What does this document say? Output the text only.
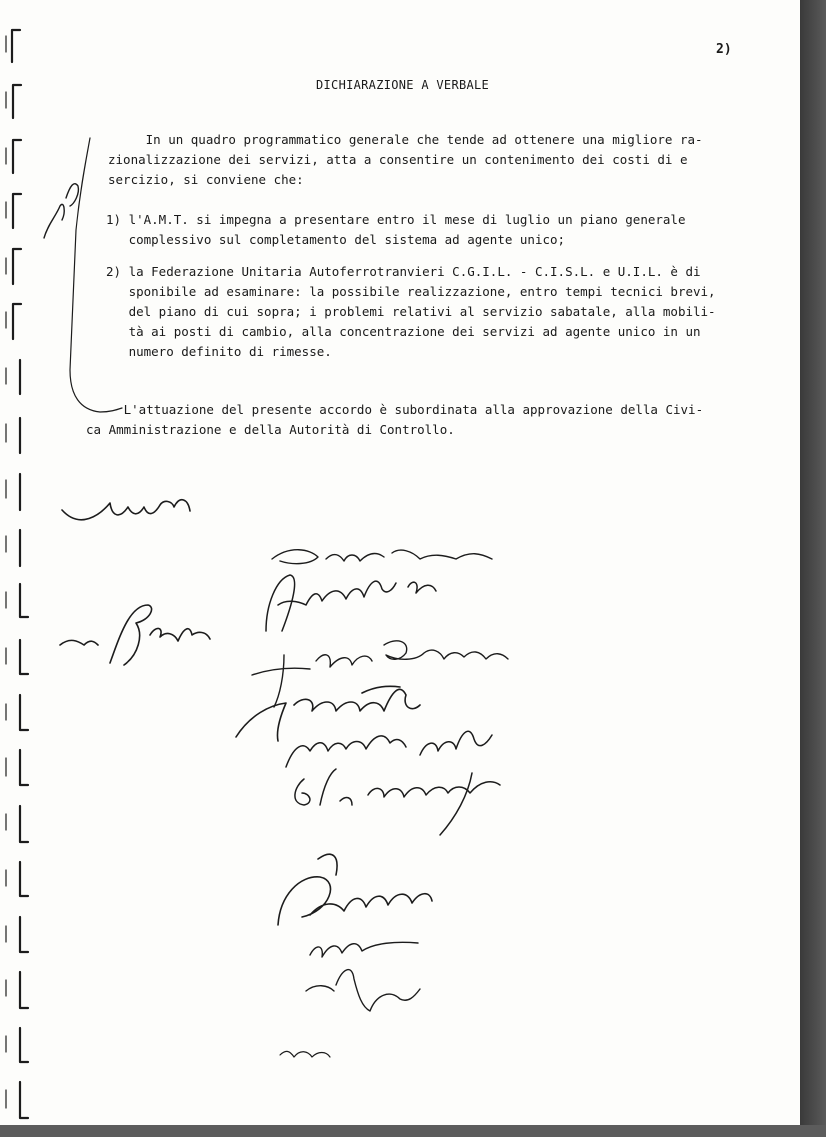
2)
DICHIARAZIONE A VERBALE
In un quadro programmatico generale che tende ad ottenere una migliore ra-
zionalizzazione dei servizi, atta a consentire un contenimento dei costi di e
sercizio, si conviene che:
1) l'A.M.T. si impegna a presentare entro il mese di luglio un piano generale
complessivo sul completamento del sistema ad agente unico;
2) la Federazione Unitaria Autoferrotranvieri C.G.I.L. - C.I.S.L. e U.I.L. è di
sponibile ad esaminare: la possibile realizzazione, entro tempi tecnici brevi,
del piano di cui sopra; i problemi relativi al servizio sabatale, alla mobili-
tà ai posti di cambio, alla concentrazione dei servizi ad agente unico in un
numero definito di rimesse.
L'attuazione del presente accordo è subordinata alla approvazione della Civi-
ca Amministrazione e della Autorità di Controllo.
